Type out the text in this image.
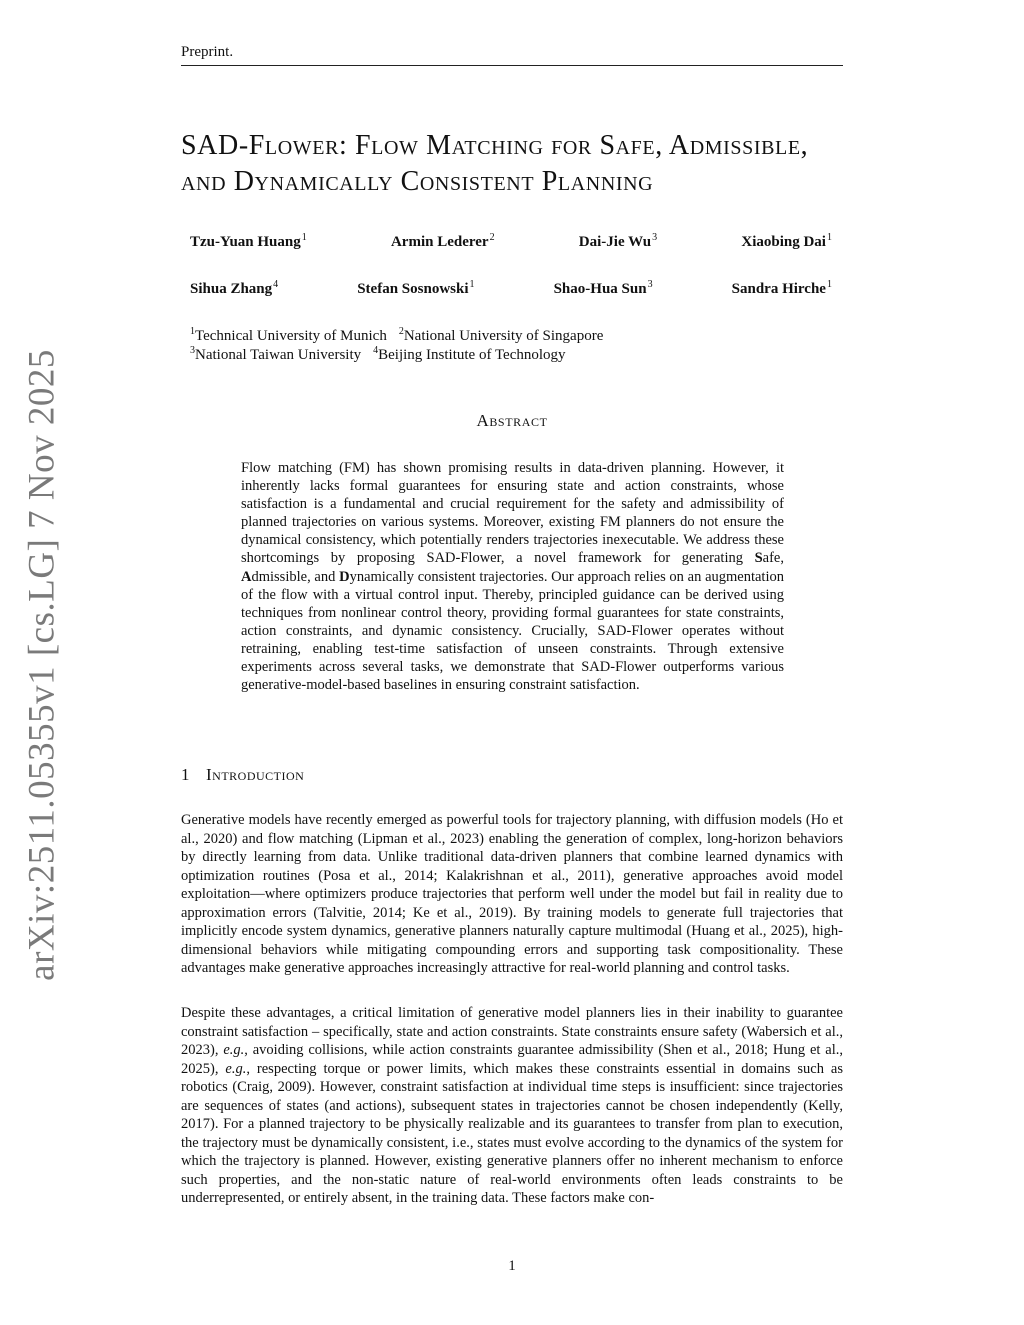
Preprint.
arXiv:2511.05355v1 [cs.LG] 7 Nov 2025
SAD-Flower: Flow Matching for Safe, Admissible, and Dynamically Consistent Planning
Tzu-Yuan Huang$^1$	Armin Lederer$^2$	Dai-Jie Wu$^3$	Xiaobing Dai$^1$
Sihua Zhang$^4$	Stefan Sosnowski$^1$	Shao-Hua Sun$^3$	Sandra Hirche$^1$
$^1$Technical University of Munich $^2$National University of Singapore
$^3$National Taiwan University $^4$Beijing Institute of Technology
Abstract
Flow matching (FM) has shown promising results in data-driven planning. However, it inherently lacks formal guarantees for ensuring state and action constraints, whose satisfaction is a fundamental and crucial requirement for the safety and admissibility of planned trajectories on various systems. Moreover, existing FM planners do not ensure the dynamical consistency, which potentially renders trajectories inexecutable. We address these shortcomings by proposing SAD-Flower, a novel framework for generating Safe, Admissible, and Dynamically consistent trajectories. Our approach relies on an augmentation of the flow with a virtual control input. Thereby, principled guidance can be derived using techniques from nonlinear control theory, providing formal guarantees for state constraints, action constraints, and dynamic consistency. Crucially, SAD-Flower operates without retraining, enabling test-time satisfaction of unseen constraints. Through extensive experiments across several tasks, we demonstrate that SAD-Flower outperforms various generative-model-based baselines in ensuring constraint satisfaction.
1 Introduction

Generative models have recently emerged as powerful tools for trajectory planning, with diffusion models (Ho et al., 2020) and flow matching (Lipman et al., 2023) enabling the generation of complex, long-horizon behaviors by directly learning from data. Unlike traditional data-driven planners that combine learned dynamics with optimization routines (Posa et al., 2014; Kalakrishnan et al., 2011), generative approaches avoid model exploitation—where optimizers produce trajectories that perform well under the model but fail in reality due to approximation errors (Talvitie, 2014; Ke et al., 2019). By training models to generate full trajectories that implicitly encode system dynamics, generative planners naturally capture multimodal (Huang et al., 2025), high-dimensional behaviors while mitigating compounding errors and supporting task compositionality. These advantages make generative approaches increasingly attractive for real-world planning and control tasks.

Despite these advantages, a critical limitation of generative model planners lies in their inability to guarantee constraint satisfaction – specifically, state and action constraints. State constraints ensure safety (Wabersich et al., 2023), e.g., avoiding collisions, while action constraints guarantee admissibility (Shen et al., 2018; Hung et al., 2025), e.g., respecting torque or power limits, which makes these constraints essential in domains such as robotics (Craig, 2009). However, constraint satisfaction at individual time steps is insufficient: since trajectories are sequences of states (and actions), subsequent states in trajectories cannot be chosen independently (Kelly, 2017). For a planned trajectory to be physically realizable and its guarantees to transfer from plan to execution, the trajectory must be dynamically consistent, i.e., states must evolve according to the dynamics of the system for which the trajectory is planned. However, existing generative planners offer no inherent mechanism to enforce such properties, and the non-static nature of real-world environments often leads constraints to be underrepresented, or entirely absent, in the training data. These factors make con-

1
